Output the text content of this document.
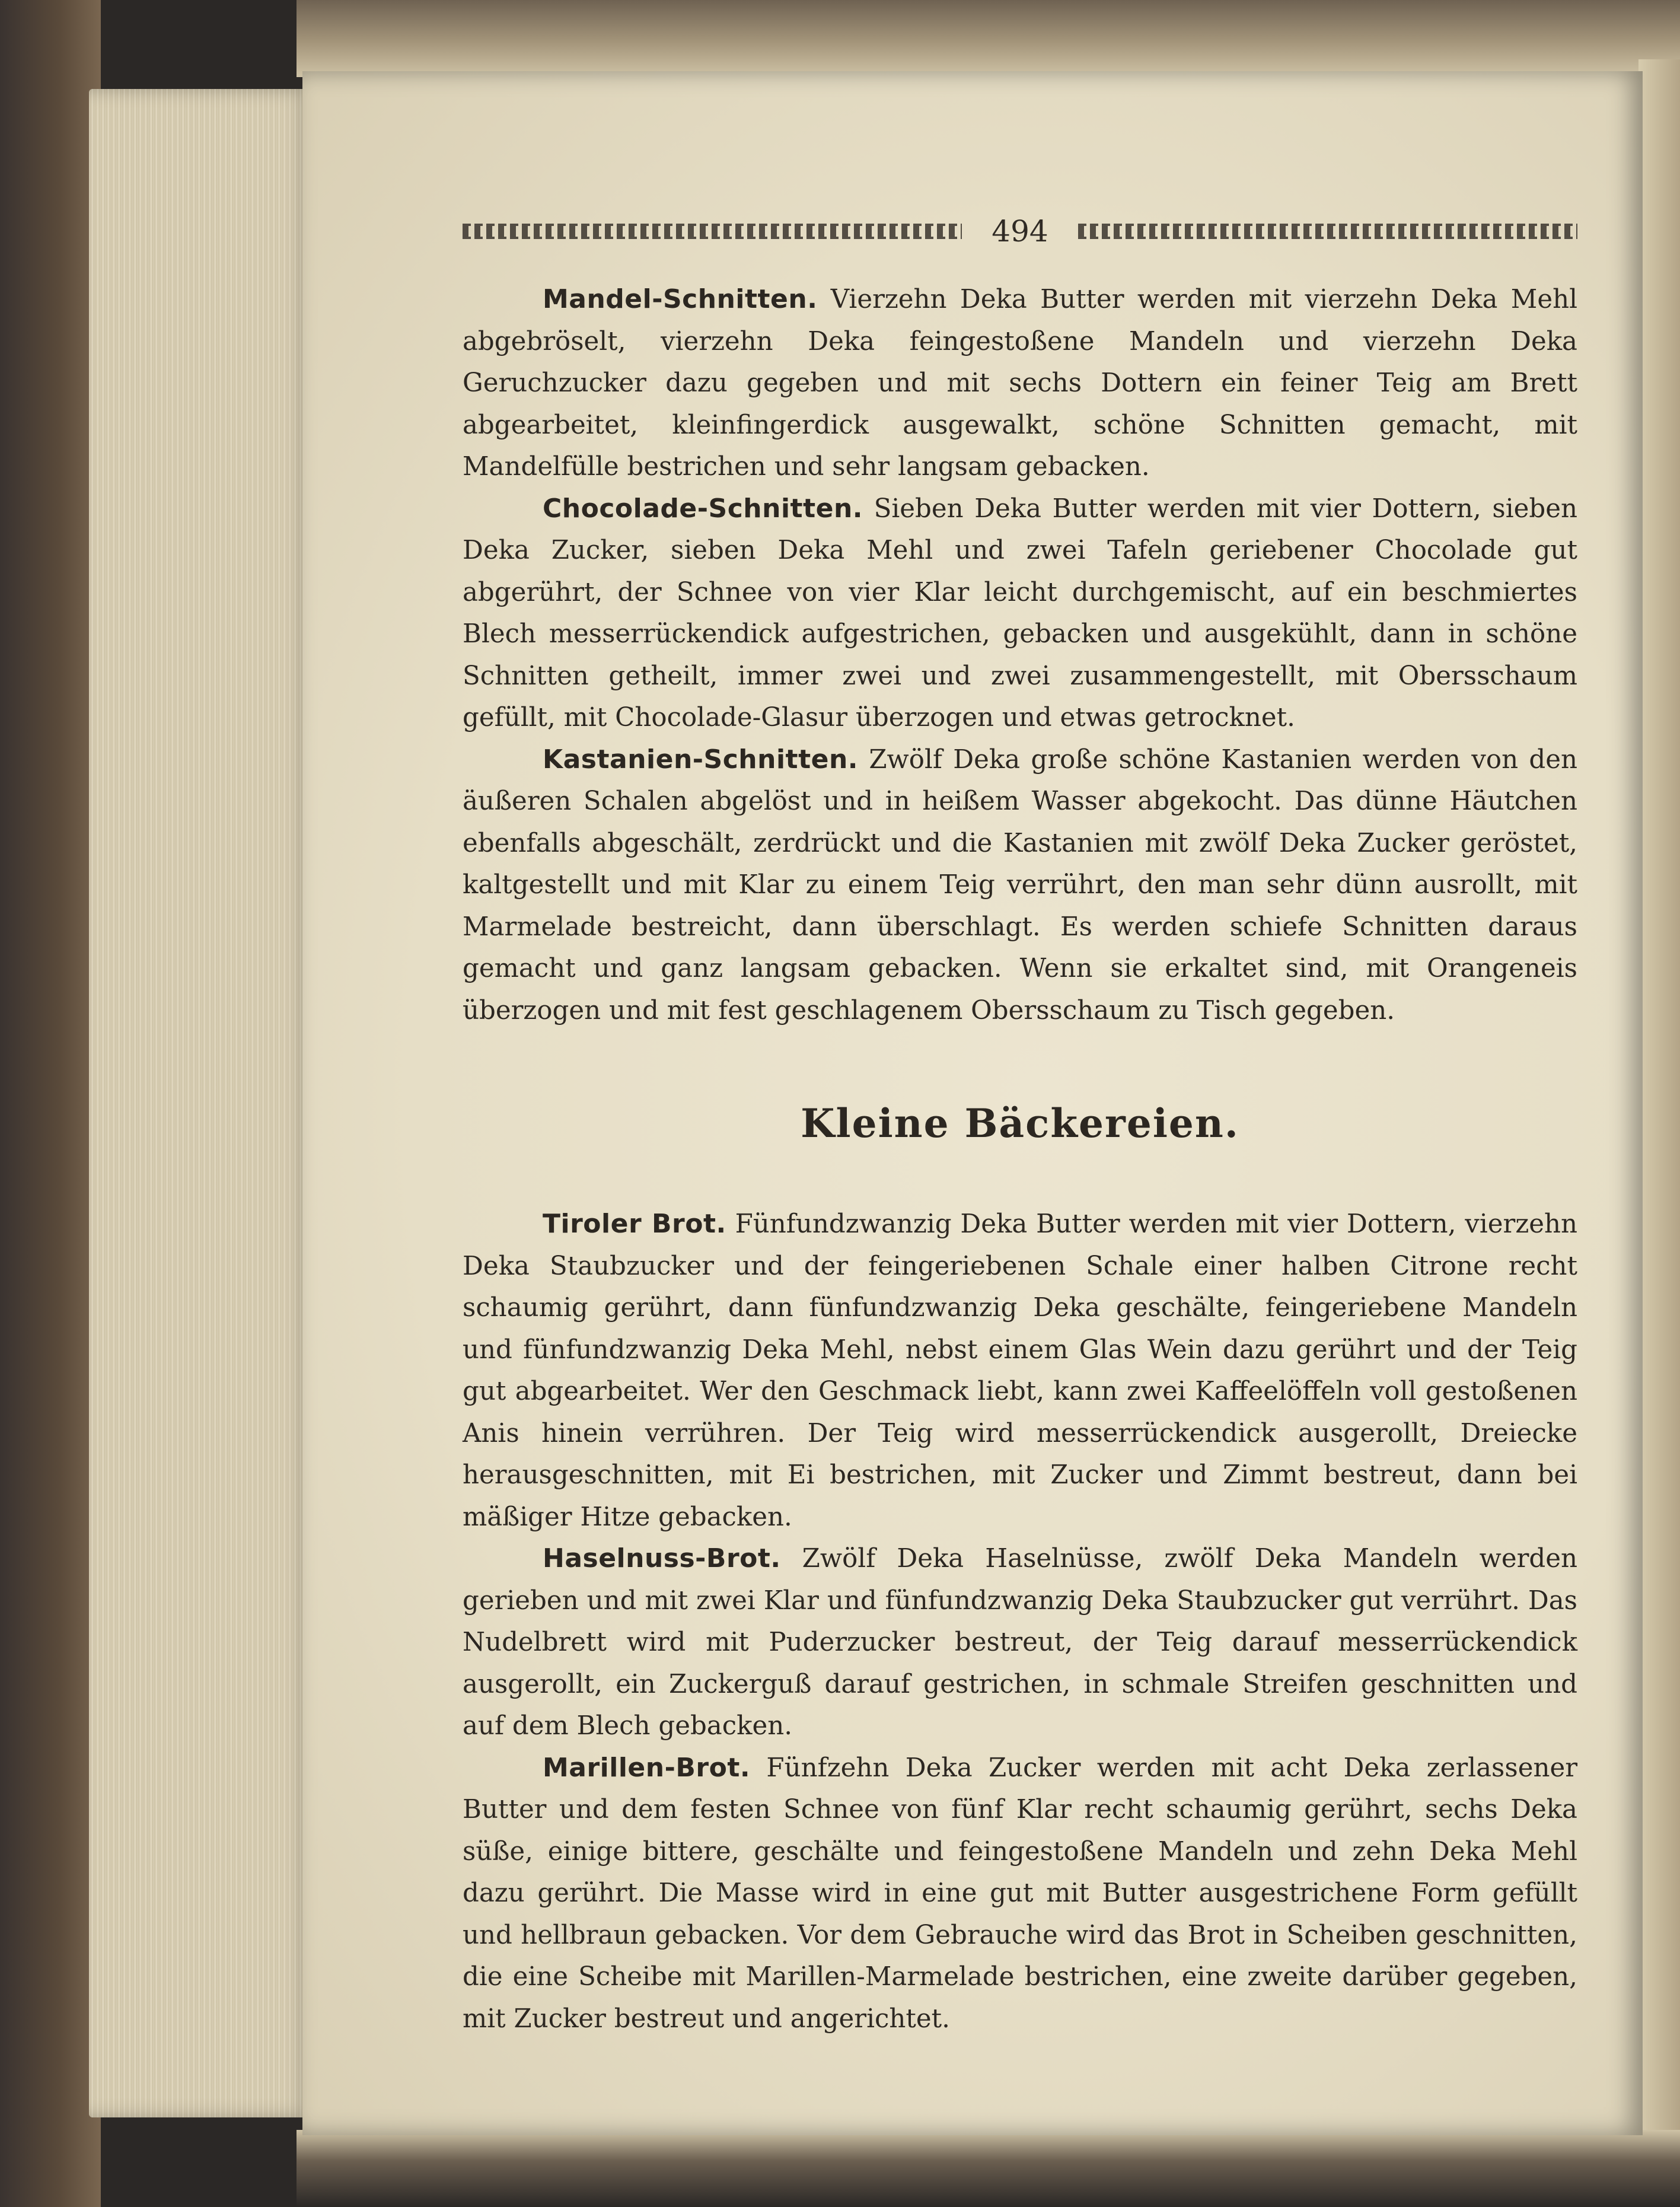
494

Mandel-Schnitten. Vierzehn Deka Butter werden mit vierzehn Deka Mehl abgebröselt, vierzehn Deka feingestoßene Mandeln und vierzehn Deka Geruchzucker dazu gegeben und mit sechs Dottern ein feiner Teig am Brett abgearbeitet, kleinfingerdick ausgewalkt, schöne Schnitten gemacht, mit Mandelfülle bestrichen und sehr langsam gebacken.

Chocolade-Schnitten. Sieben Deka Butter werden mit vier Dottern, sieben Deka Zucker, sieben Deka Mehl und zwei Tafeln geriebener Chocolade gut abgerührt, der Schnee von vier Klar leicht durchgemischt, auf ein beschmiertes Blech messerrückendick aufgestrichen, gebacken und ausgekühlt, dann in schöne Schnitten getheilt, immer zwei und zwei zusammengestellt, mit Obersschaum gefüllt, mit Chocolade-Glasur überzogen und etwas getrocknet.

Kastanien-Schnitten. Zwölf Deka große schöne Kastanien werden von den äußeren Schalen abgelöst und in heißem Wasser abgekocht. Das dünne Häutchen ebenfalls abgeschält, zerdrückt und die Kastanien mit zwölf Deka Zucker geröstet, kaltgestellt und mit Klar zu einem Teig verrührt, den man sehr dünn ausrollt, mit Marmelade bestreicht, dann überschlagt. Es werden schiefe Schnitten daraus gemacht und ganz langsam gebacken. Wenn sie erkaltet sind, mit Orangeneis überzogen und mit fest geschlagenem Obersschaum zu Tisch gegeben.

Kleine Bäckereien.

Tiroler Brot. Fünfundzwanzig Deka Butter werden mit vier Dottern, vierzehn Deka Staubzucker und der feingeriebenen Schale einer halben Citrone recht schaumig gerührt, dann fünfundzwanzig Deka geschälte, feingeriebene Mandeln und fünfundzwanzig Deka Mehl, nebst einem Glas Wein dazu gerührt und der Teig gut abgearbeitet. Wer den Geschmack liebt, kann zwei Kaffeelöffeln voll gestoßenen Anis hinein verrühren. Der Teig wird messerrückendick ausgerollt, Dreiecke herausgeschnitten, mit Ei bestrichen, mit Zucker und Zimmt bestreut, dann bei mäßiger Hitze gebacken.

Haselnuss-Brot. Zwölf Deka Haselnüsse, zwölf Deka Mandeln werden gerieben und mit zwei Klar und fünfundzwanzig Deka Staubzucker gut verrührt. Das Nudelbrett wird mit Puderzucker bestreut, der Teig darauf messerrückendick ausgerollt, ein Zuckerguß darauf gestrichen, in schmale Streifen geschnitten und auf dem Blech gebacken.

Marillen-Brot. Fünfzehn Deka Zucker werden mit acht Deka zerlassener Butter und dem festen Schnee von fünf Klar recht schaumig gerührt, sechs Deka süße, einige bittere, geschälte und feingestoßene Mandeln und zehn Deka Mehl dazu gerührt. Die Masse wird in eine gut mit Butter ausgestrichene Form gefüllt und hellbraun gebacken. Vor dem Gebrauche wird das Brot in Scheiben geschnitten, die eine Scheibe mit Marillen-Marmelade bestrichen, eine zweite darüber gegeben, mit Zucker bestreut und angerichtet.
